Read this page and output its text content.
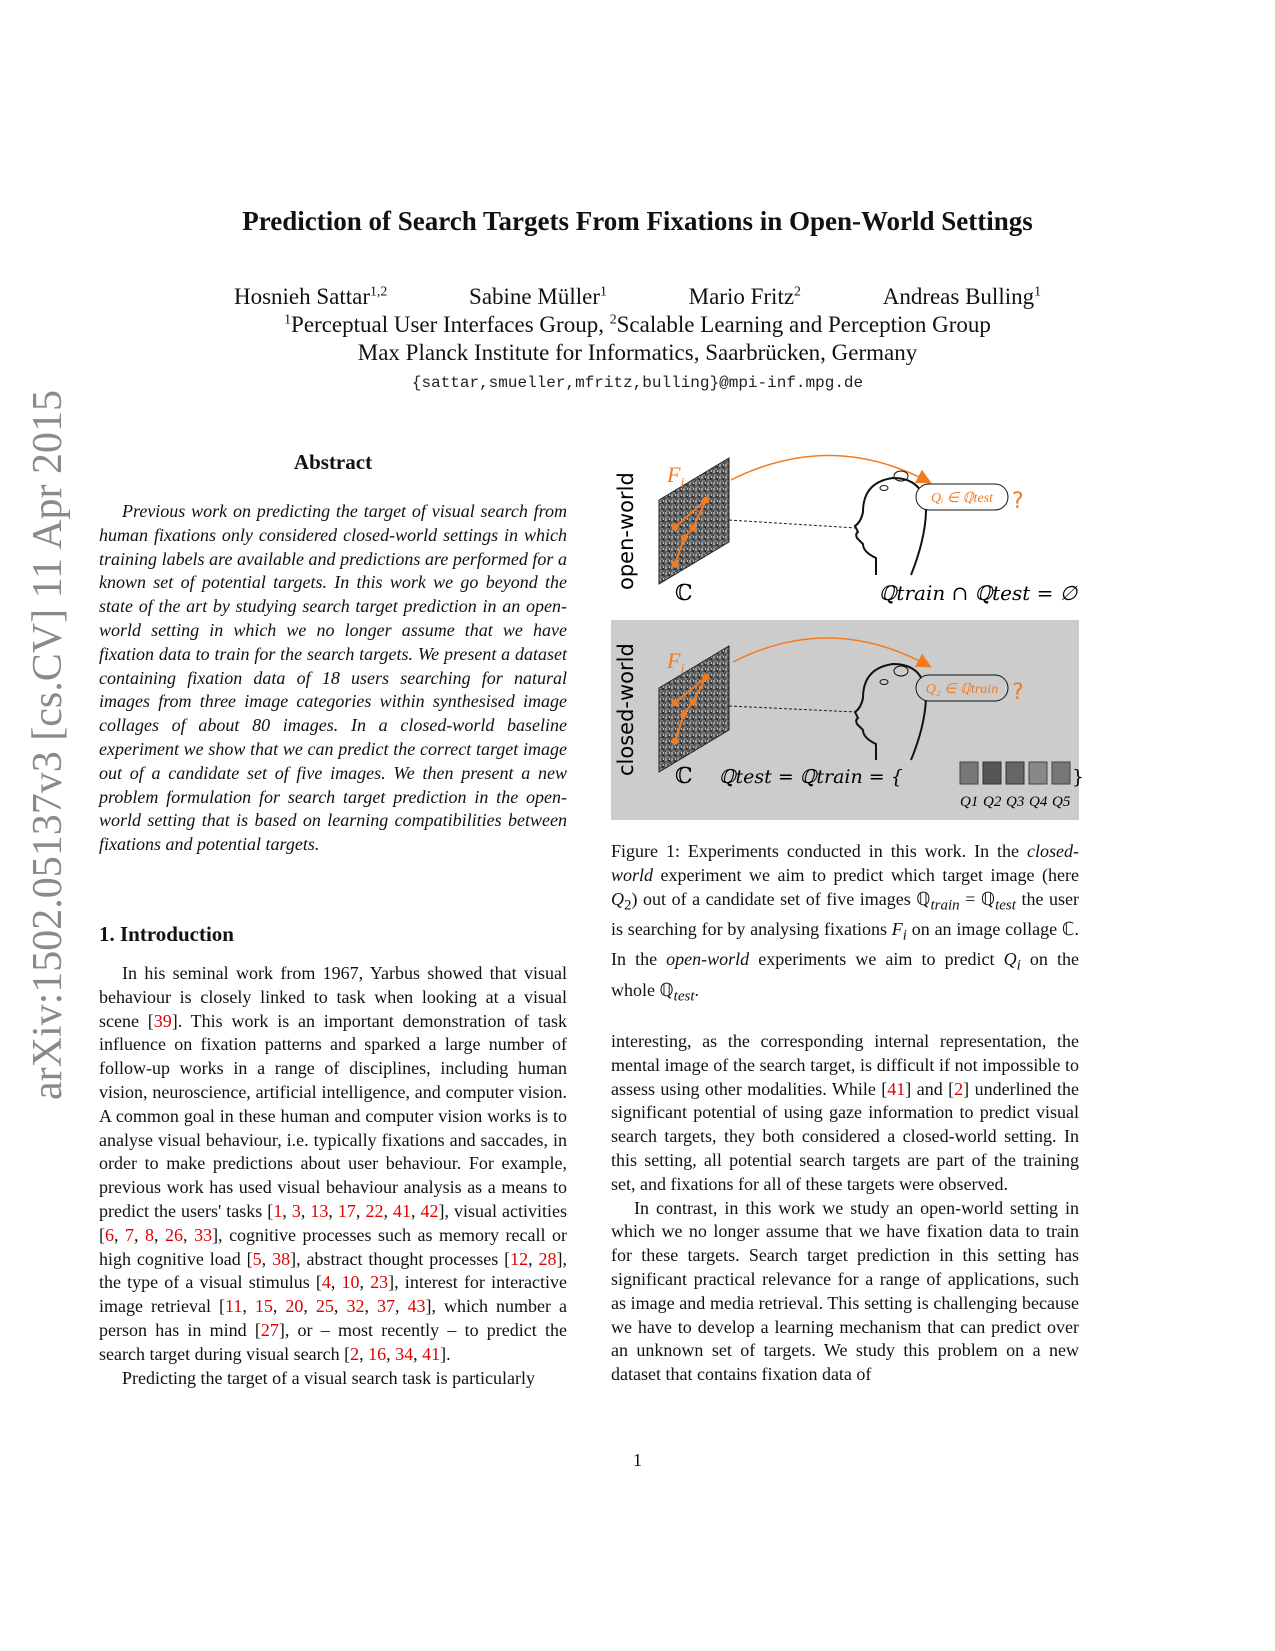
arXiv:1502.05137v3 [cs.CV] 11 Apr 2015
Prediction of Search Targets From Fixations in Open-World Settings
Hosnieh Sattar$^{1,2}$	Sabine Müller$^1$	Mario Fritz$^2$	Andreas Bulling$^1$
$^1$Perceptual User Interfaces Group, $^2$Scalable Learning and Perception Group
Max Planck Institute for Informatics, Saarbrücken, Germany
{sattar,smueller,mfritz,bulling}@mpi-inf.mpg.de
Abstract

Previous work on predicting the target of visual search from human fixations only considered closed-world settings in which training labels are available and predictions are performed for a known set of potential targets. In this work we go beyond the state of the art by studying search target prediction in an open-world setting in which we no longer assume that we have fixation data to train for the search targets. We present a dataset containing fixation data of 18 users searching for natural images from three image categories within synthesised image collages of about 80 images. In a closed-world baseline experiment we show that we can predict the correct target image out of a candidate set of five images. We then present a new problem formulation for search target prediction in the open-world setting that is based on learning compatibilities between fixations and potential targets.

1. Introduction

In his seminal work from 1967, Yarbus showed that visual behaviour is closely linked to task when looking at a visual scene [39]. This work is an important demonstration of task influence on fixation patterns and sparked a large number of follow-up works in a range of disciplines, including human vision, neuroscience, artificial intelligence, and computer vision. A common goal in these human and computer vision works is to analyse visual behaviour, i.e. typically fixations and saccades, in order to make predictions about user behaviour. For example, previous work has used visual behaviour analysis as a means to predict the users' tasks [1, 3, 13, 17, 22, 41, 42], visual activities [6, 7, 8, 26, 33], cognitive processes such as memory recall or high cognitive load [5, 38], abstract thought processes [12, 28], the type of a visual stimulus [4, 10, 23], interest for interactive image retrieval [11, 15, 20, 25, 32, 37, 43], which number a person has in mind [27], or – most recently – to predict the search target during visual search [2, 16, 34, 41].

Predicting the target of a visual search task is particularly

open-world $F_i$
Qᵢ ∈ ℚtest ?
ℂ	ℚtrain ∩ ℚtest = ∅
closed-world $F_i$
Q₂ ∈ ℚtrain ?
ℂ ℚtest = ℚtrain = {	}
Q1 Q2 Q3 Q4 Q5
Figure 1: Experiments conducted in this work. In the closed-world experiment we aim to predict which target image (here $Q_2$) out of a candidate set of five images ℚ$_{train}$ = ℚ$_{test}$ the user is searching for by analysing fixations $F_i$ on an image collage ℂ. In the open-world experiments we aim to predict $Q_i$ on the whole ℚ$_{test}$.

interesting, as the corresponding internal representation, the mental image of the search target, is difficult if not impossible to assess using other modalities. While [41] and [2] underlined the significant potential of using gaze information to predict visual search targets, they both considered a closed-world setting. In this setting, all potential search targets are part of the training set, and fixations for all of these targets were observed.

In contrast, in this work we study an open-world setting in which we no longer assume that we have fixation data to train for these targets. Search target prediction in this setting has significant practical relevance for a range of applications, such as image and media retrieval. This setting is challenging because we have to develop a learning mechanism that can predict over an unknown set of targets. We study this problem on a new dataset that contains fixation data of

1
